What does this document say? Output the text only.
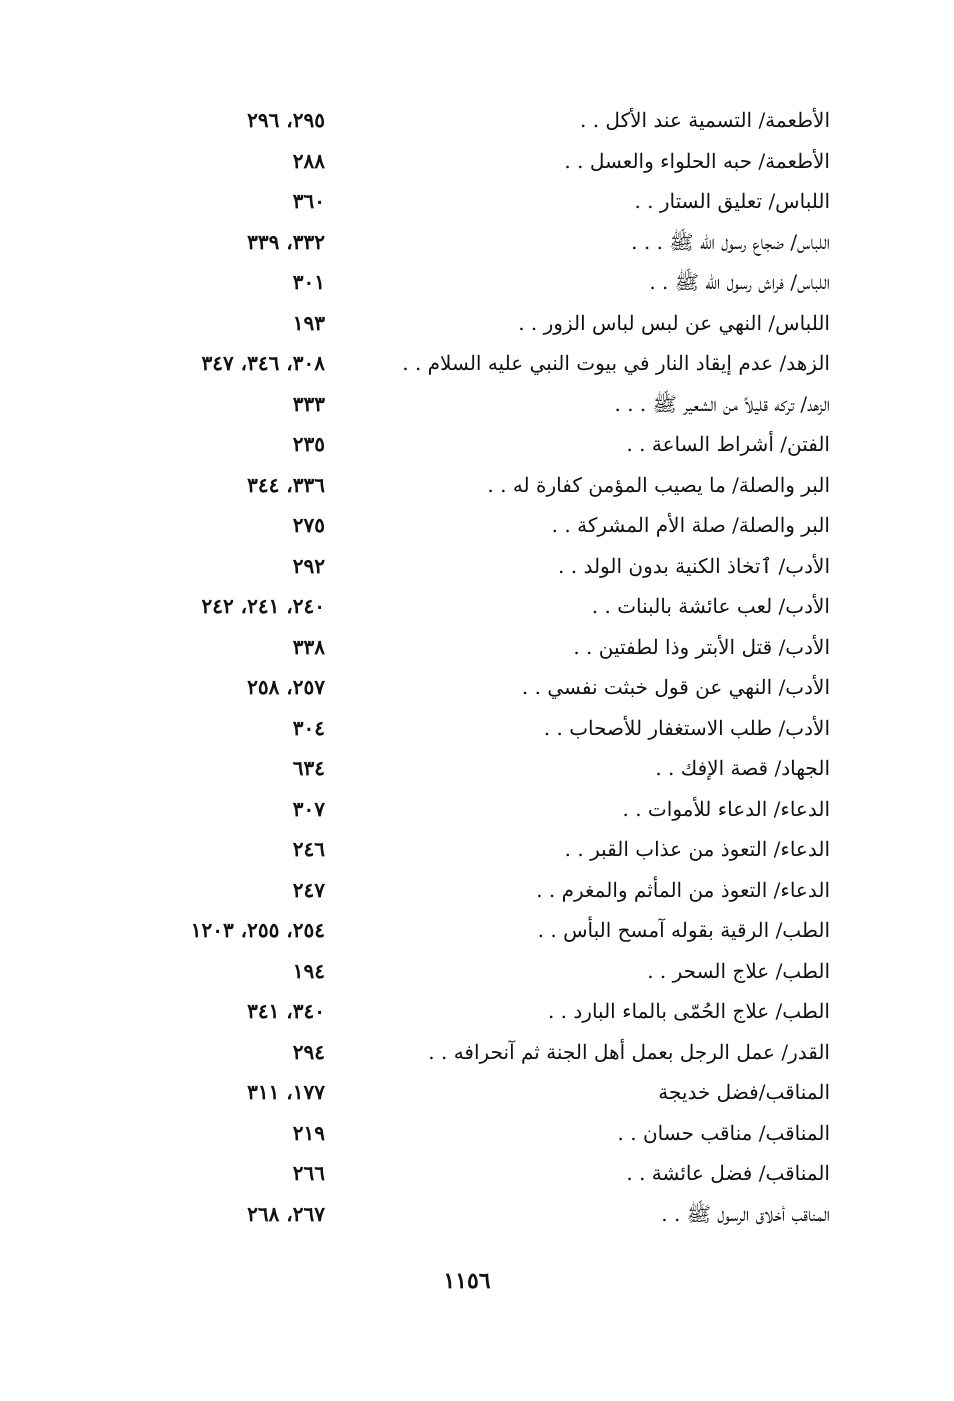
الأطعمة/ التسمية عند الأكل . .
٢٩٥، ٢٩٦
الأطعمة/ حبه الحلواء والعسل . .
٢٨٨
اللباس/ تعليق الستار . .
٣٦٠
اللباس/ ضجاع رسول الله ﷺ . . .
٣٣٢، ٣٣٩
اللباس/ فراش رسول الله ﷺ . .
٣٠١
اللباس/ النهي عن لبس لباس الزور . .
١٩٣
الزهد/ عدم إيقاد النار في بيوت النبي عليه السلام . .
٣٠٨، ٣٤٦، ٣٤٧
الزهد/ تركه قليلاً من الشعير ﷺ . . .
٣٣٣
الفتن/ أشراط الساعة . .
٢٣٥
البر والصلة/ ما يصيب المؤمن كفارة له . .
٣٣٦، ٣٤٤
البر والصلة/ صلة الأم المشركة . .
٢٧٥
الأدب/ ٱتخاذ الكنية بدون الولد . .
٢٩٢
الأدب/ لعب عائشة بالبنات . .
٢٤٠، ٢٤١، ٢٤٢
الأدب/ قتل الأبتر وذا لطفتين . .
٣٣٨
الأدب/ النهي عن قول خبثت نفسي . .
٢٥٧، ٢٥٨
الأدب/ طلب الاستغفار للأصحاب . .
٣٠٤
الجهاد/ قصة الإفك . .
٦٣٤
الدعاء/ الدعاء للأموات . .
٣٠٧
الدعاء/ التعوذ من عذاب القبر . .
٢٤٦
الدعاء/ التعوذ من المأثم والمغرم . .
٢٤٧
الطب/ الرقية بقوله آمسح البأس . .
٢٥٤، ٢٥٥، ١٢٠٣
الطب/ علاج السحر . .
١٩٤
الطب/ علاج الحُمّى بالماء البارد . .
٣٤٠، ٣٤١
القدر/ عمل الرجل بعمل أهل الجنة ثم آنحرافه . .
٢٩٤
المناقب/فضل خديجة
١٧٧، ٣١١
المناقب/ مناقب حسان . .
٢١٩
المناقب/ فضل عائشة . .
٢٦٦
المناقب أخلاق الرسول ﷺ . .
٢٦٧، ٢٦٨
١١٥٦
